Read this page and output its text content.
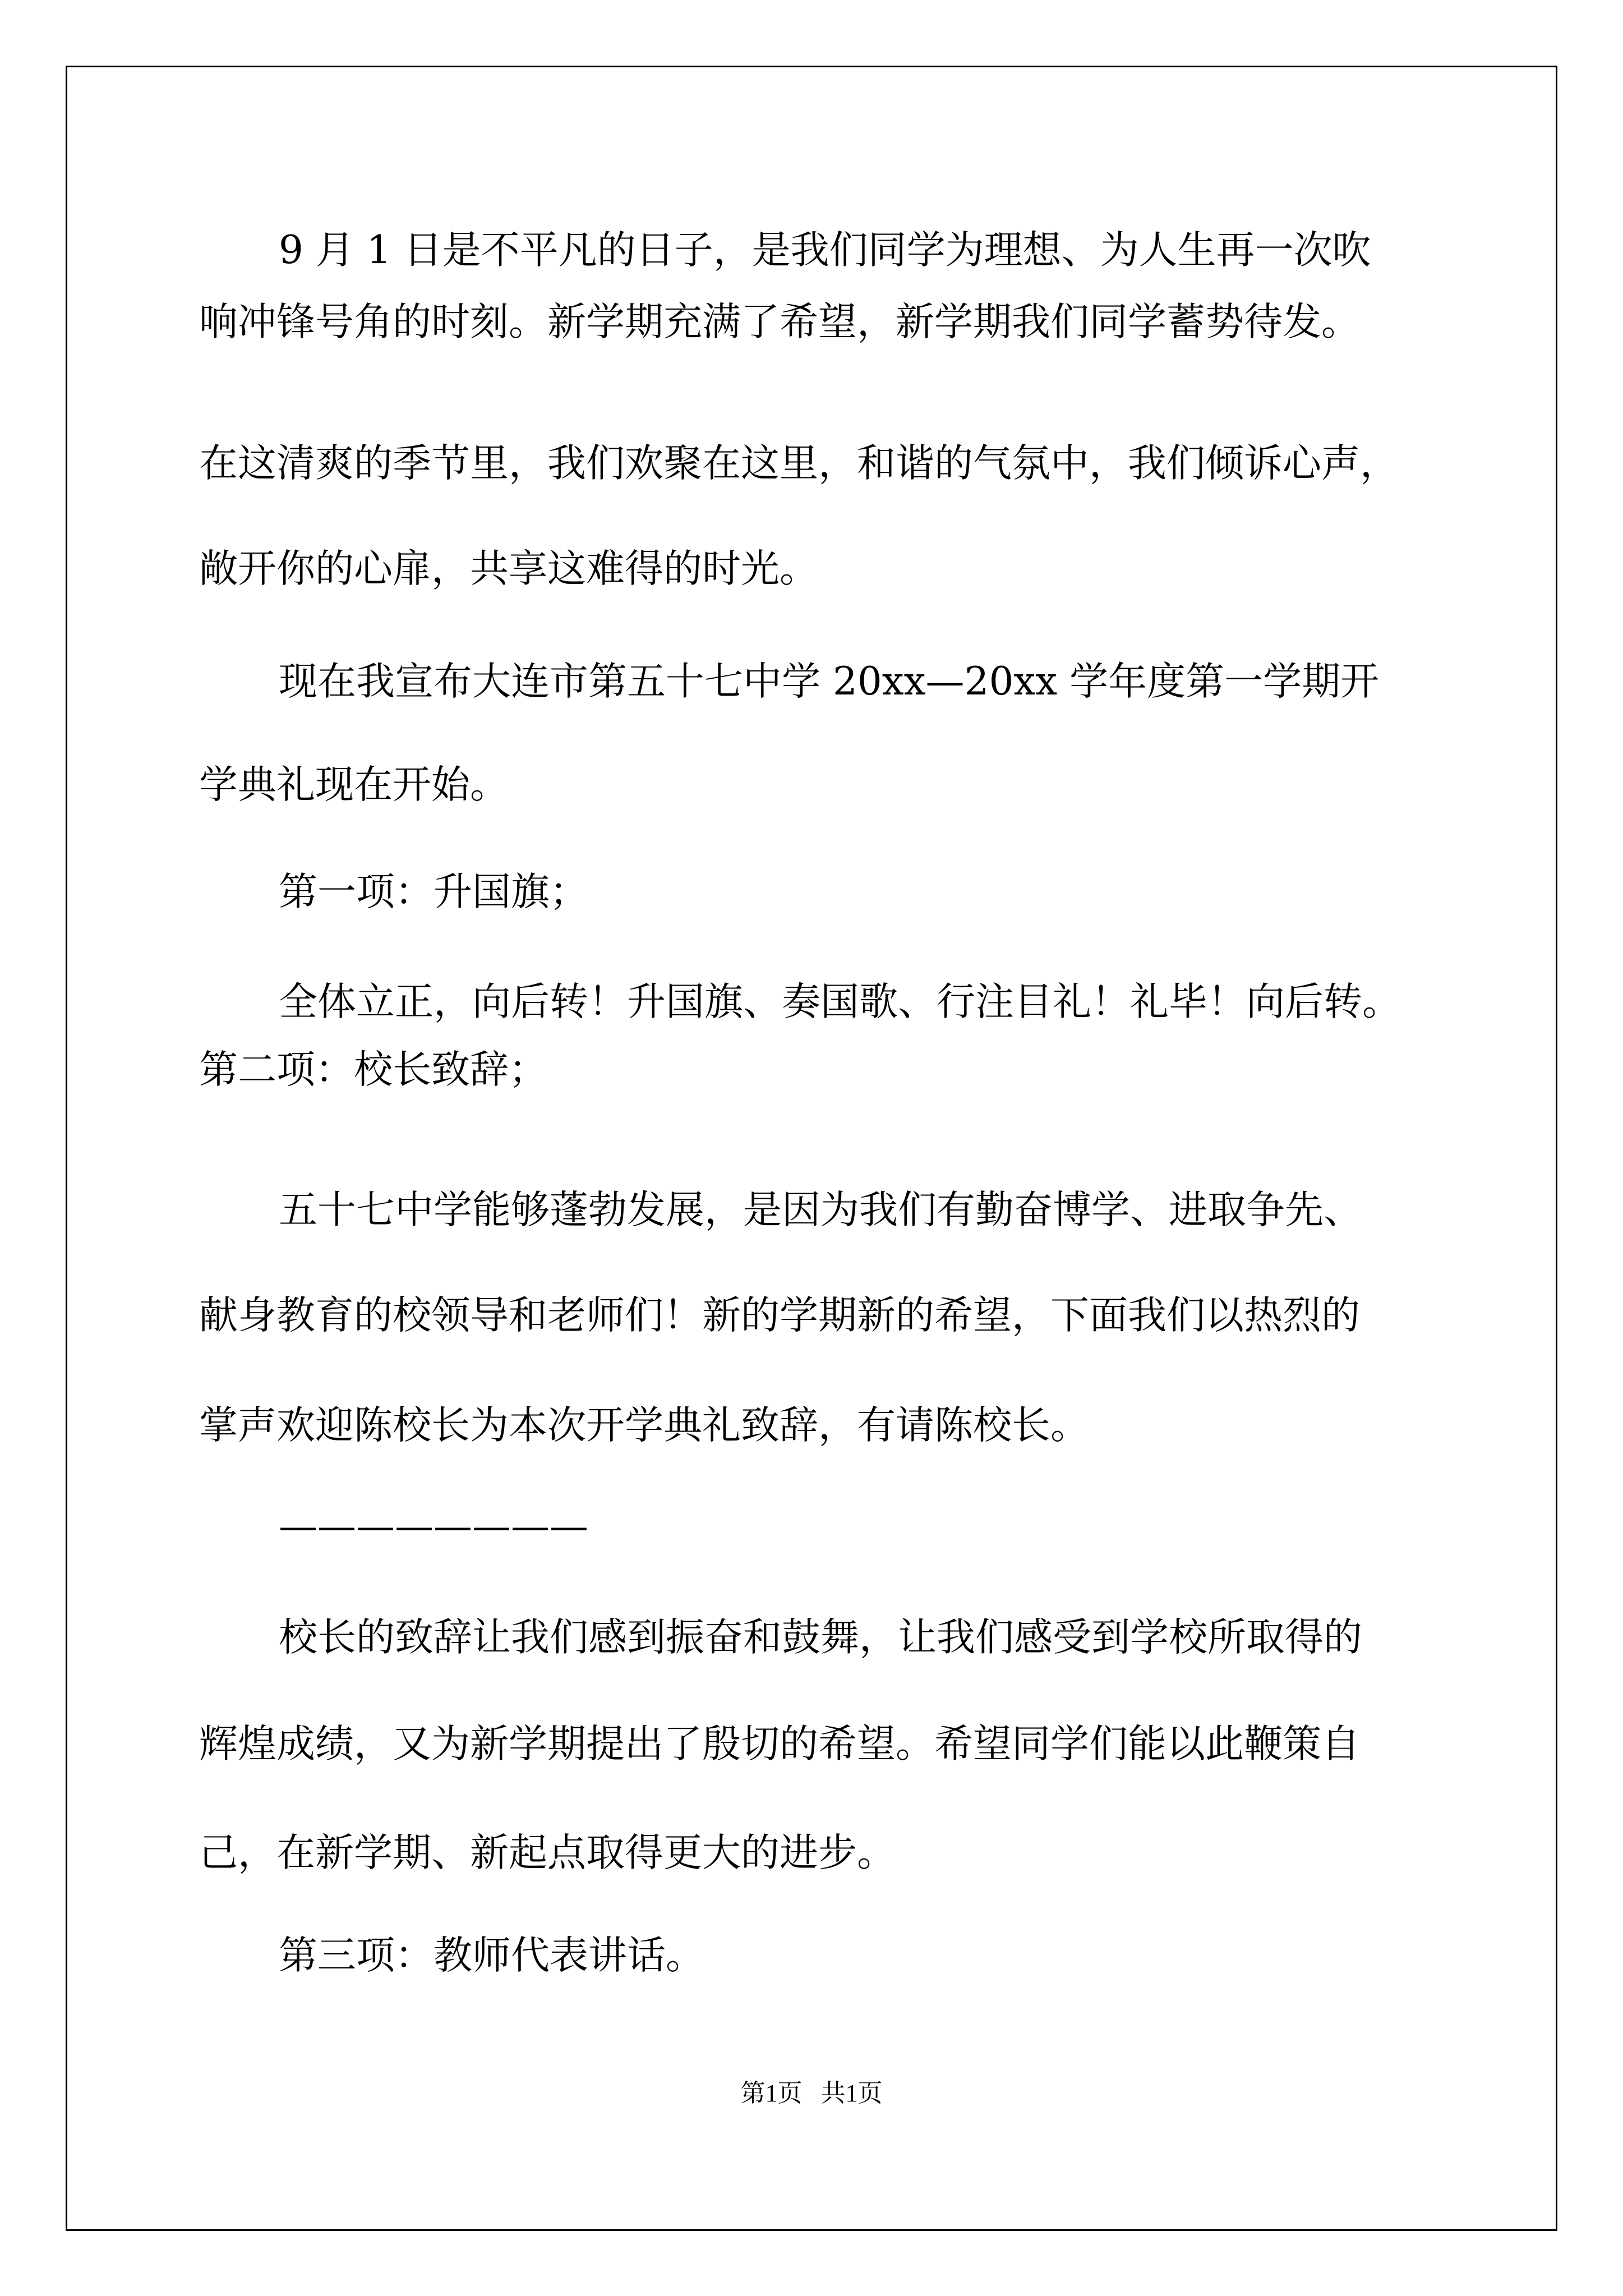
9 月 1 日是不平凡的日子，是我们同学为理想、为人生再一次吹
响冲锋号角的时刻。新学期充满了希望，新学期我们同学蓄势待发。
在这清爽的季节里，我们欢聚在这里，和谐的气氛中，我们倾诉心声，
敞开你的心扉，共享这难得的时光。
现在我宣布大连市第五十七中学 20xx—20xx 学年度第一学期开
学典礼现在开始。
第一项：升国旗；
全体立正，向后转！升国旗、奏国歌、行注目礼！礼毕！向后转。
第二项：校长致辞；
五十七中学能够蓬勃发展，是因为我们有勤奋博学、进取争先、
献身教育的校领导和老师们！新的学期新的希望，下面我们以热烈的
掌声欢迎陈校长为本次开学典礼致辞，有请陈校长。
————————
校长的致辞让我们感到振奋和鼓舞，让我们感受到学校所取得的
辉煌成绩，又为新学期提出了殷切的希望。希望同学们能以此鞭策自
己，在新学期、新起点取得更大的进步。
第三项：教师代表讲话。
第1页   共1页
